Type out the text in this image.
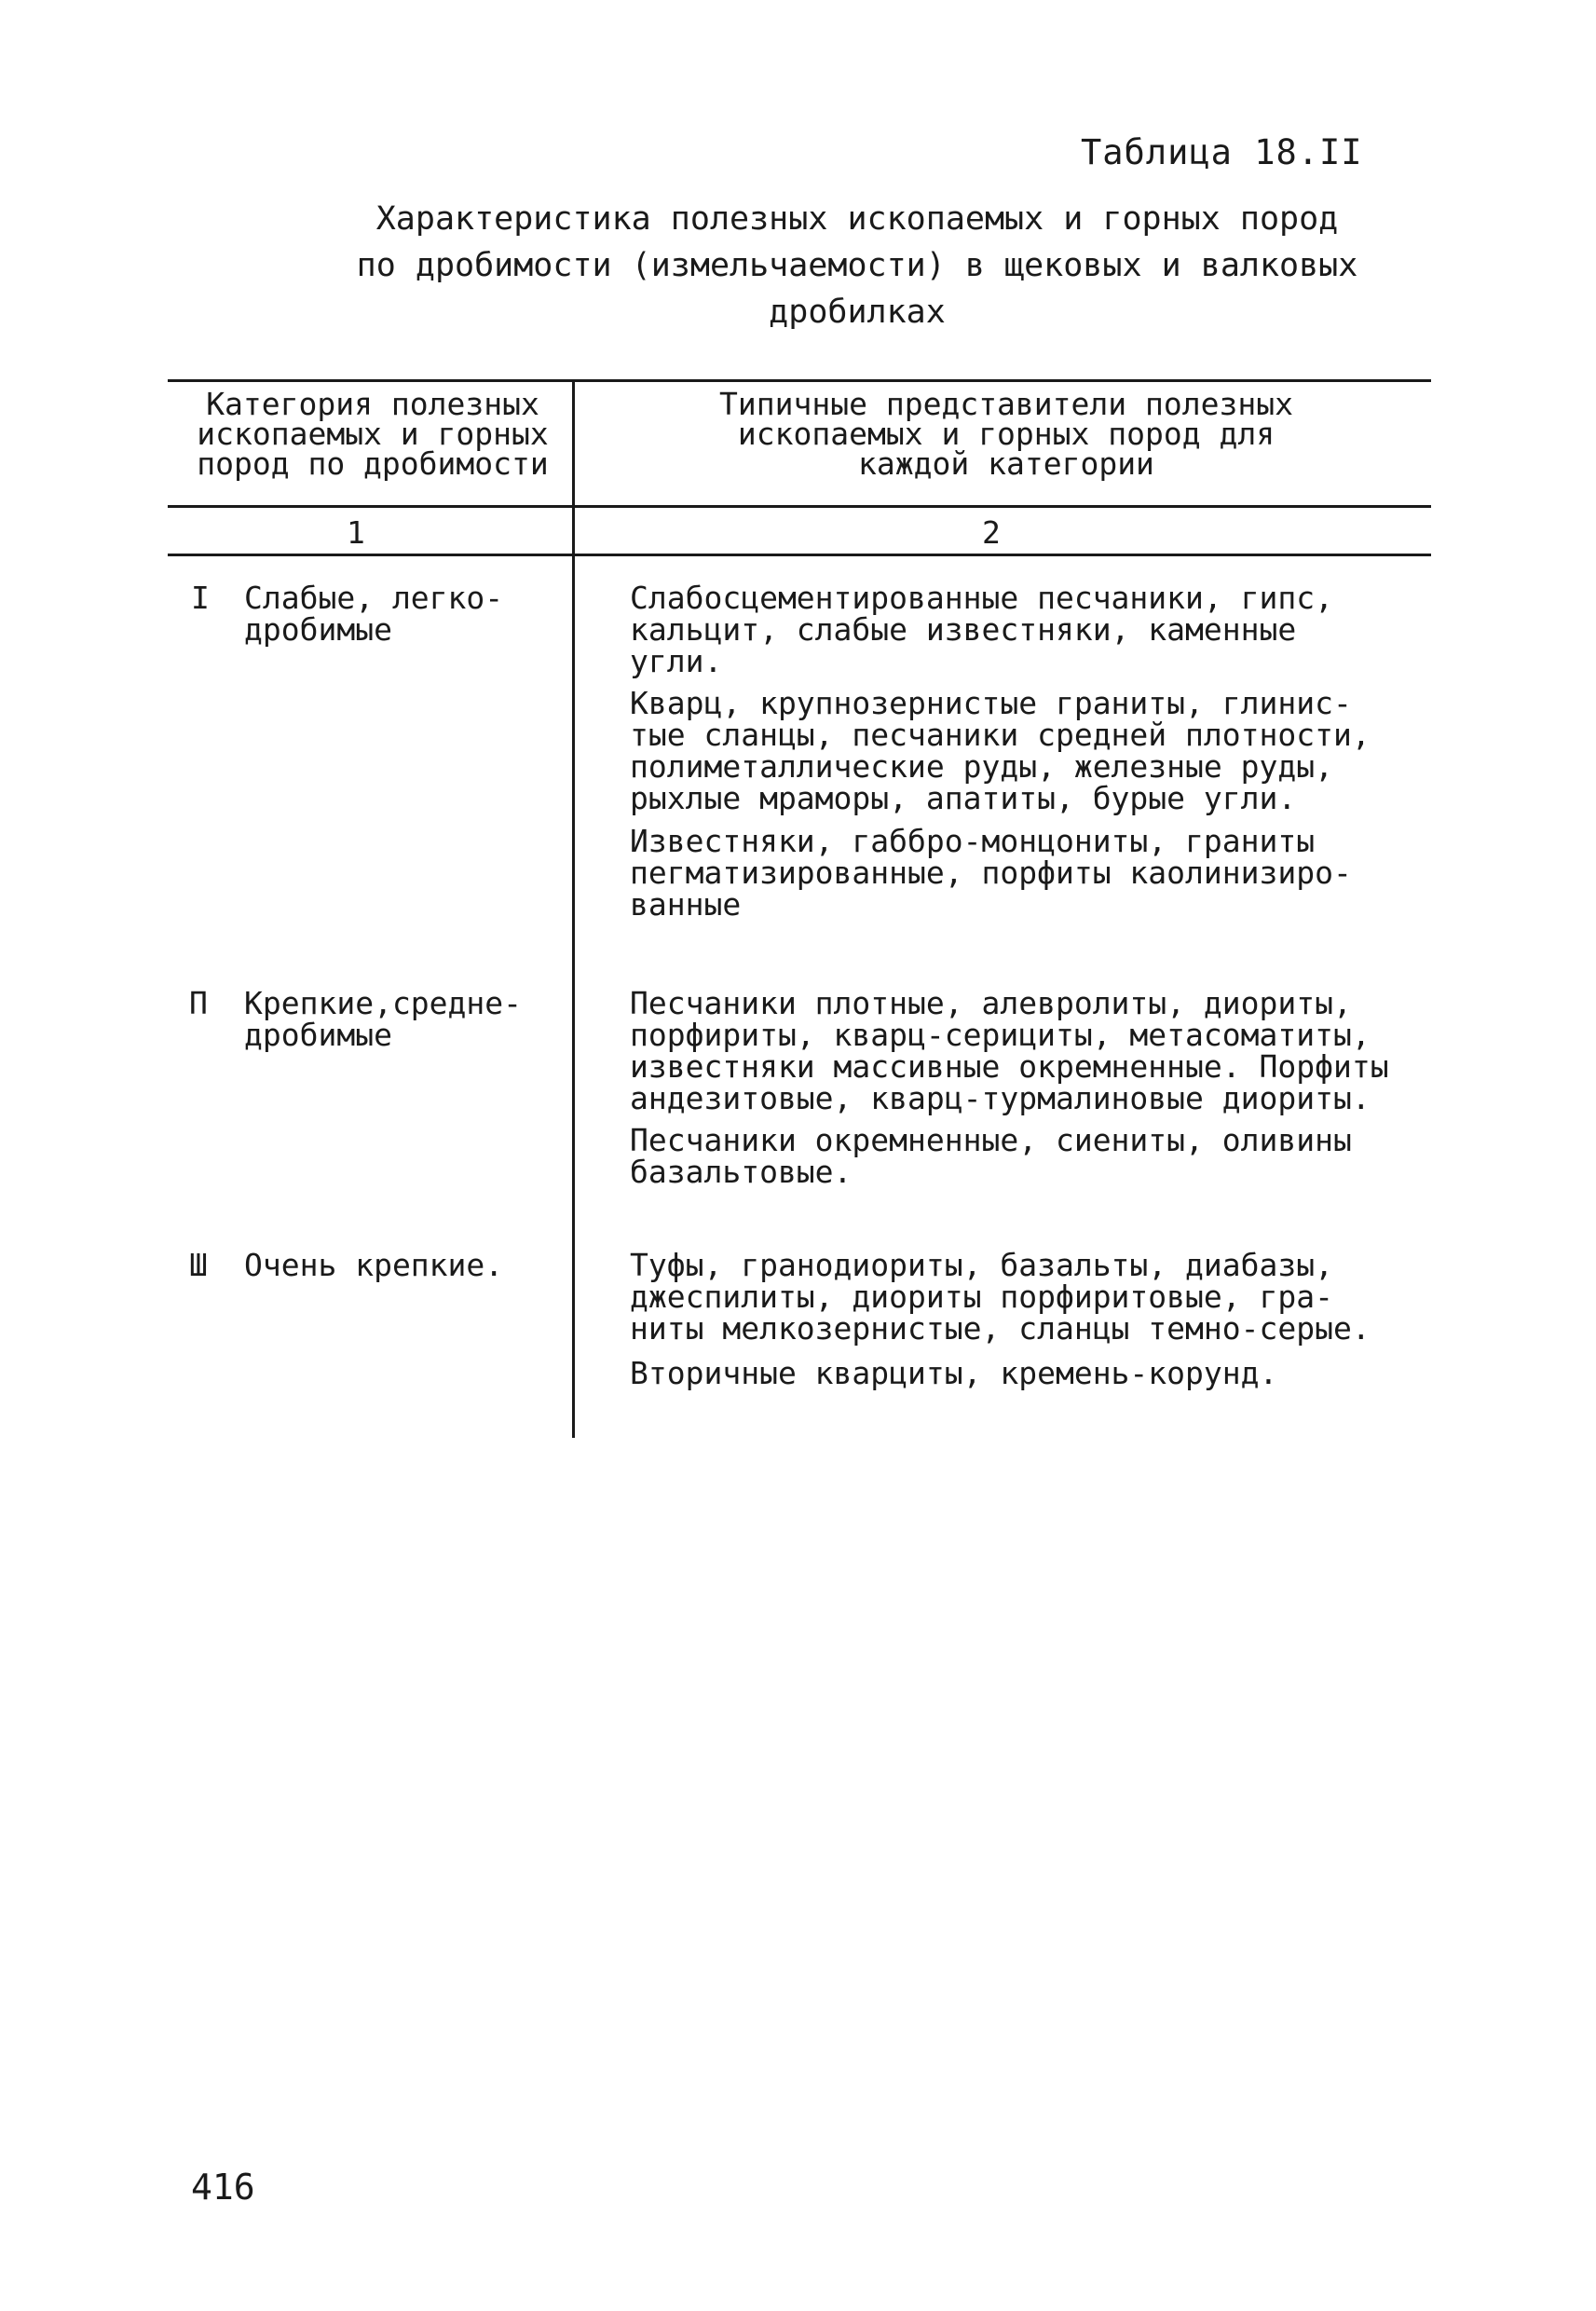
Таблица 18.II
Характеристика полезных ископаемых и горных пород
по дробимости (измельчаемости) в щековых и валковых
дробилках
Категория полезных
ископаемых и горных
пород по дробимости
Типичные представители полезных
ископаемых и горных пород для
каждой категории
1	2
I Слабые, легко-
дробимые
Слабосцементированные песчаники, гипс,
кальцит, слабые известняки, каменные
угли.
Кварц, крупнозернистые граниты, глинис-
тые сланцы, песчаники средней плотности,
полиметаллические руды, железные руды,
рыхлые мраморы, апатиты, бурые угли.
Известняки, габбро-монцониты, граниты
пегматизированные, порфиты каолинизиро-
ванные
П Крепкие,средне-
дробимые
Песчаники плотные, алевролиты, диориты,
порфириты, кварц-серициты, метасоматиты,
известняки массивные окремненные. Порфиты
андезитовые, кварц-турмалиновые диориты.
Песчаники окремненные, сиениты, оливины
базальтовые.
Ш Очень крепкие.	Туфы, гранодиориты, базальты, диабазы,
джеспилиты, диориты порфиритовые, гра-
ниты мелкозернистые, сланцы темно-серые.
Вторичные кварциты, кремень-корунд.
416
